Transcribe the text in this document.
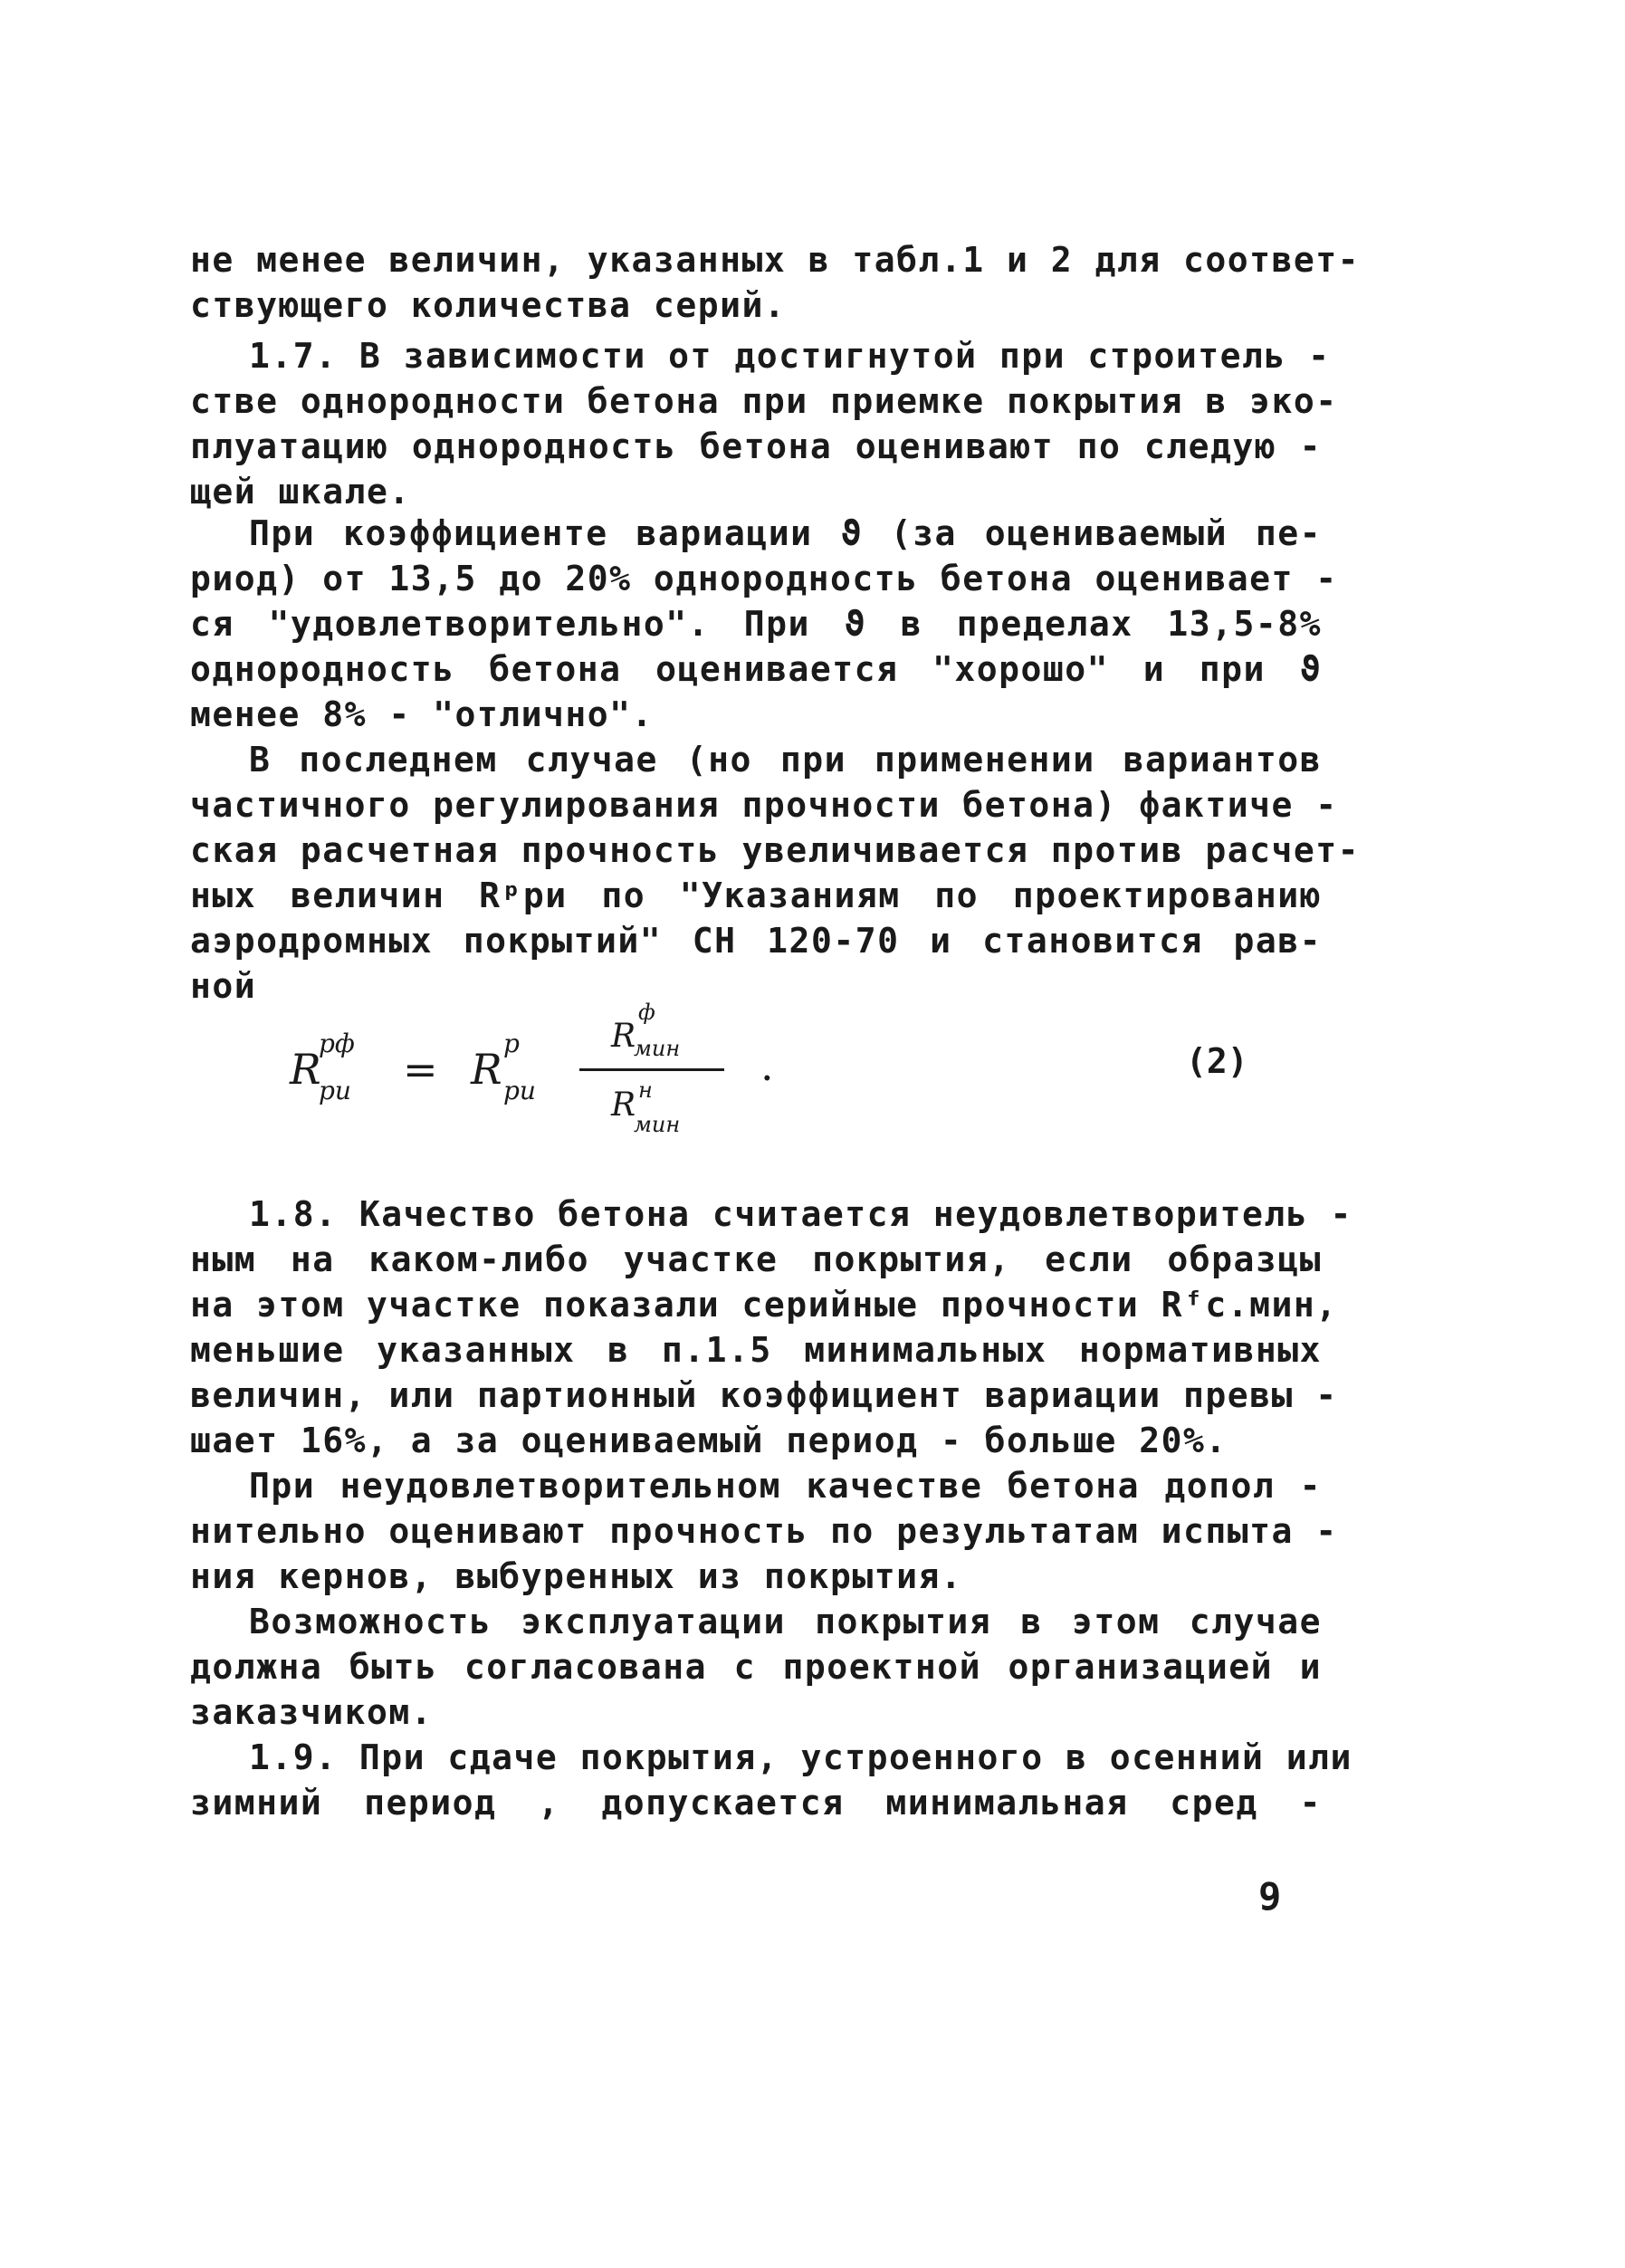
не менее величин, указанных в табл.1 и 2 для соответ-
ствующего количества серий.
1.7. В зависимости от достигнутой при строитель -
стве однородности бетона при приемке покрытия в эко-
плуатацию однородность бетона оценивают по следую -
щей шкале.
При коэффициенте вариации ϑ (за оцениваемый пе-
риод) от 13,5 до 20% однородность бетона оценивает -
ся "удовлетворительно". При ϑ в пределах 13,5-8%
однородность бетона оценивается "хорошо" и при ϑ
менее 8% - "отлично".
В последнем случае (но при применении вариантов
частичного регулирования прочности бетона) фактиче -
ская расчетная прочность увеличивается против расчет-
ных величин Rᵖри по "Указаниям по проектированию
аэродромных покрытий" СН 120-70 и становится рав-
ной
R
рф
ри = R
р
ри
R
ф
мин
R н
мин
.	(2)
1.8. Качество бетона считается неудовлетворитель -
ным на каком-либо участке покрытия, если образцы
на этом участке показали серийные прочности Rᶠс.мин,
меньшие указанных в п.1.5 минимальных нормативных
величин, или партионный коэффициент вариации превы -
шает 16%, а за оцениваемый период - больше 20%.
При неудовлетворительном качестве бетона допол -
нительно оценивают прочность по результатам испыта -
ния кернов, выбуренных из покрытия.
Возможность эксплуатации покрытия в этом случае
должна быть согласована с проектной организацией и
заказчиком.
1.9. При сдаче покрытия, устроенного в осенний или
зимний период , допускается минимальная сред -
9
